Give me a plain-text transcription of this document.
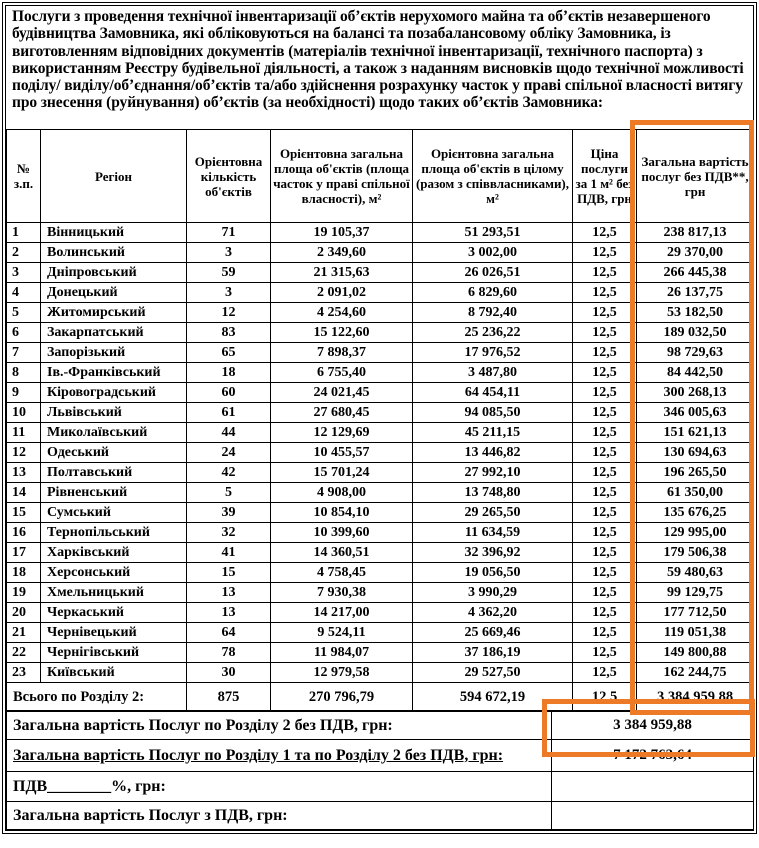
Послуги з проведення технічної інвентаризації об’єктів нерухомого майна та об’єктів незавершеного будівництва Замовника, які обліковуються на балансі та позабалансовому обліку Замовника, із виготовленням відповідних документів (матеріалів технічної інвентаризації, технічного паспорта) з використанням Реєстру будівельної діяльності, а також з наданням висновків щодо технічної можливості поділу/ виділу/об’єднання/об’єктів та/або здійснення розрахунку часток у праві спільної власності витягу про знесення (руйнування) об’єктів (за необхідності) щодо таких об’єктів Замовника:
№ з.п.	Регіон	Орієнтовна кількість об'єктів	Орієнтовна загальна площа об'єктів (площа часток у праві спільної власності), м²	Орієнтовна загальна площа об'єктів в цілому (разом з співвласниками), м²	Ціна послуги за 1 м² без ПДВ, грн	Загальна вартість послуг без ПДВ**, грн
1	Вінницький	71	19 105,37	51 293,51	12,5	238 817,13
2	Волинський	3	2 349,60	3 002,00	12,5	29 370,00
3	Дніпровський	59	21 315,63	26 026,51	12,5	266 445,38
4	Донецький	3	2 091,02	6 829,60	12,5	26 137,75
5	Житомирський	12	4 254,60	8 792,40	12,5	53 182,50
6	Закарпатський	83	15 122,60	25 236,22	12,5	189 032,50
7	Запорізький	65	7 898,37	17 976,52	12,5	98 729,63
8	Ів.-Франківський	18	6 755,40	3 487,80	12,5	84 442,50
9	Кіровоградський	60	24 021,45	64 454,11	12,5	300 268,13
10	Львівський	61	27 680,45	94 085,50	12,5	346 005,63
11	Миколаївський	44	12 129,69	45 211,15	12,5	151 621,13
12	Одеський	24	10 455,57	13 446,82	12,5	130 694,63
13	Полтавський	42	15 701,24	27 992,10	12,5	196 265,50
14	Рівненський	5	4 908,00	13 748,80	12,5	61 350,00
15	Сумський	39	10 854,10	29 265,50	12,5	135 676,25
16	Тернопільський	32	10 399,60	11 634,59	12,5	129 995,00
17	Харківський	41	14 360,51	32 396,92	12,5	179 506,38
18	Херсонський	15	4 758,45	19 056,50	12,5	59 480,63
19	Хмельницький	13	7 930,38	3 990,29	12,5	99 129,75
20	Черкаський	13	14 217,00	4 362,20	12,5	177 712,50
21	Чернівецький	64	9 524,11	25 669,46	12,5	119 051,38
22	Чернігівський	78	11 984,07	37 186,19	12,5	149 800,88
23	Київський	30	12 979,58	29 527,50	12,5	162 244,75
Всього по Розділу 2:		875	270 796,79	594 672,19	12,5	3 384 959,88
Загальна вартість Послуг по Розділу 2 без ПДВ, грн:	3 384 959,88
Загальна вартість Послуг по Розділу 1 та по Розділу 2 без ПДВ, грн:	7 172 763,64
ПДВ________%, грн:	
Загальна вартість Послуг з ПДВ, грн:	
